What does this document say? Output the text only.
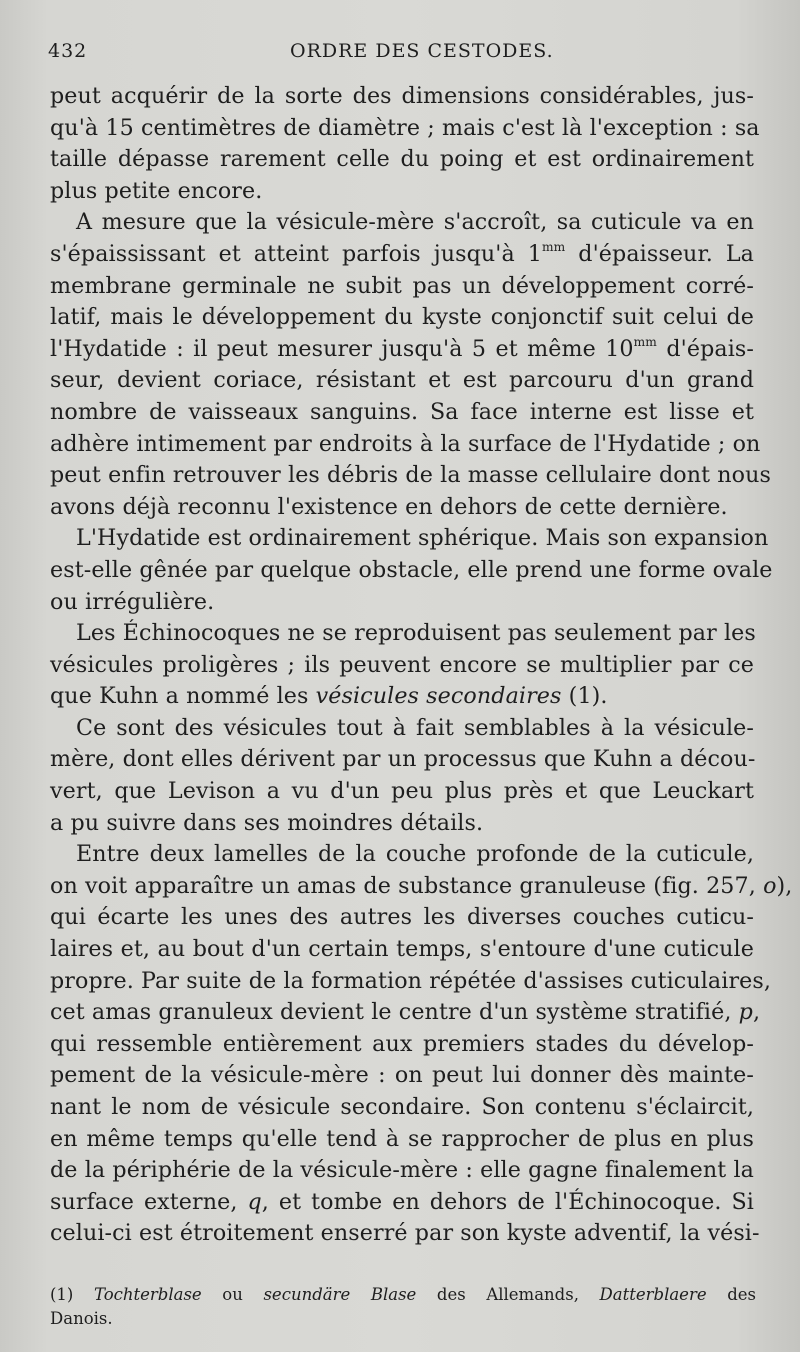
432	ORDRE DES CESTODES.
peut acquérir de la sorte des dimensions considérables, jus-
qu'à 15 centimètres de diamètre ; mais c'est là l'exception : sa
taille dépasse rarement celle du poing et est ordinairement
plus petite encore.
A mesure que la vésicule-mère s'accroît, sa cuticule va en
s'épaississant et atteint parfois jusqu'à $1^{mm}$ d'épaisseur. La
membrane germinale ne subit pas un développement corré-
latif, mais le développement du kyste conjonctif suit celui de
l'Hydatide : il peut mesurer jusqu'à 5 et même $10^{mm}$ d'épais-
seur, devient coriace, résistant et est parcouru d'un grand
nombre de vaisseaux sanguins. Sa face interne est lisse et
adhère intimement par endroits à la surface de l'Hydatide ; on
peut enfin retrouver les débris de la masse cellulaire dont nous
avons déjà reconnu l'existence en dehors de cette dernière.
L'Hydatide est ordinairement sphérique. Mais son expansion
est-elle gênée par quelque obstacle, elle prend une forme ovale
ou irrégulière.
Les Échinocoques ne se reproduisent pas seulement par les
vésicules proligères ; ils peuvent encore se multiplier par ce
que Kuhn a nommé les vésicules secondaires (1).
Ce sont des vésicules tout à fait semblables à la vésicule-
mère, dont elles dérivent par un processus que Kuhn a décou-
vert, que Levison a vu d'un peu plus près et que Leuckart
a pu suivre dans ses moindres détails.
Entre deux lamelles de la couche profonde de la cuticule,
on voit apparaître un amas de substance granuleuse (fig. 257, o),
qui écarte les unes des autres les diverses couches cuticu-
laires et, au bout d'un certain temps, s'entoure d'une cuticule
propre. Par suite de la formation répétée d'assises cuticulaires,
cet amas granuleux devient le centre d'un système stratifié, p,
qui ressemble entièrement aux premiers stades du dévelop-
pement de la vésicule-mère : on peut lui donner dès mainte-
nant le nom de vésicule secondaire. Son contenu s'éclaircit,
en même temps qu'elle tend à se rapprocher de plus en plus
de la périphérie de la vésicule-mère : elle gagne finalement la
surface externe, q, et tombe en dehors de l'Échinocoque. Si
celui-ci est étroitement enserré par son kyste adventif, la vési-
(1) Tochterblase ou secundäre Blase des Allemands, Datterblaere des
Danois.
